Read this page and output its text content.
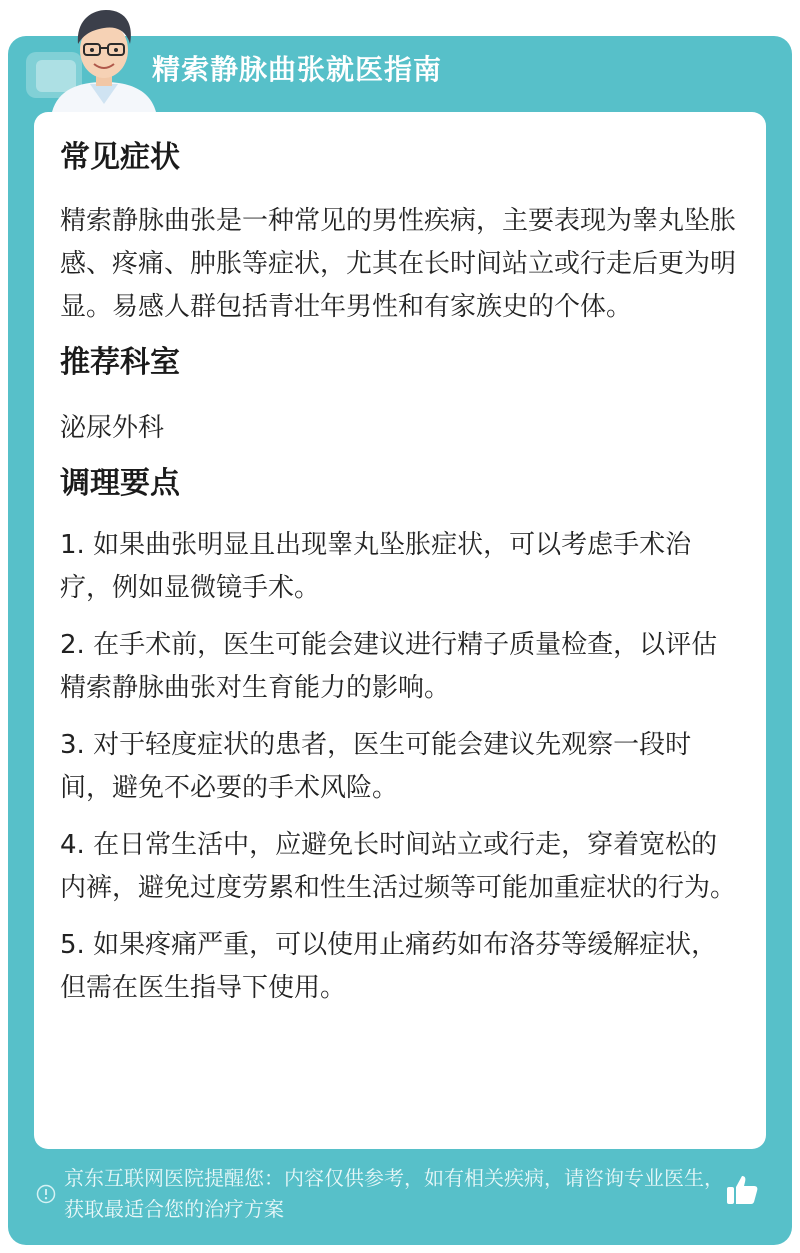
精索静脉曲张就医指南
常见症状

精索静脉曲张是一种常见的男性疾病，主要表现为睾丸坠胀感、疼痛、肿胀等症状，尤其在长时间站立或行走后更为明显。易感人群包括青壮年男性和有家族史的个体。

推荐科室

泌尿外科

调理要点

1. 如果曲张明显且出现睾丸坠胀症状，可以考虑手术治疗，例如显微镜手术。

2. 在手术前，医生可能会建议进行精子质量检查，以评估精索静脉曲张对生育能力的影响。

3. 对于轻度症状的患者，医生可能会建议先观察一段时间，避免不必要的手术风险。

4. 在日常生活中，应避免长时间站立或行走，穿着宽松的内裤，避免过度劳累和性生活过频等可能加重症状的行为。

5. 如果疼痛严重，可以使用止痛药如布洛芬等缓解症状，但需在医生指导下使用。

京东互联网医院提醒您：内容仅供参考，如有相关疾病，请咨询专业医生，获取最适合您的治疗方案
